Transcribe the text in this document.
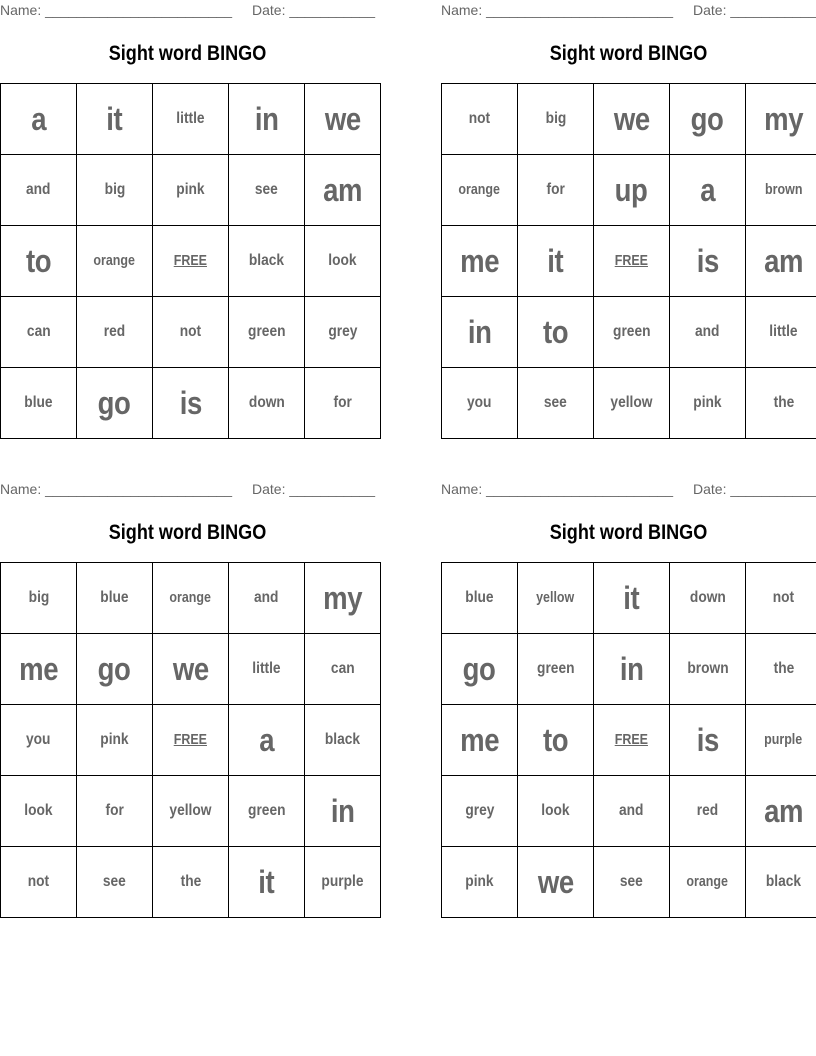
Name: ________________________ Date: ___________
Sight word BINGO
a	it	little	in	we
and	big	pink	see	am
to	orange	FREE	black	look
can	red	not	green	grey
blue	go	is	down	for
Name: ________________________ Date: ___________
Sight word BINGO
not	big	we	go	my
orange	for	up	a	brown
me	it	FREE	is	am
in	to	green	and	little
you	see	yellow	pink	the
Name: ________________________ Date: ___________
Sight word BINGO
big	blue	orange	and	my
me	go	we	little	can
you	pink	FREE	a	black
look	for	yellow	green	in
not	see	the	it	purple
Name: ________________________ Date: ___________
Sight word BINGO
blue	yellow	it	down	not
go	green	in	brown	the
me	to	FREE	is	purple
grey	look	and	red	am
pink	we	see	orange	black
